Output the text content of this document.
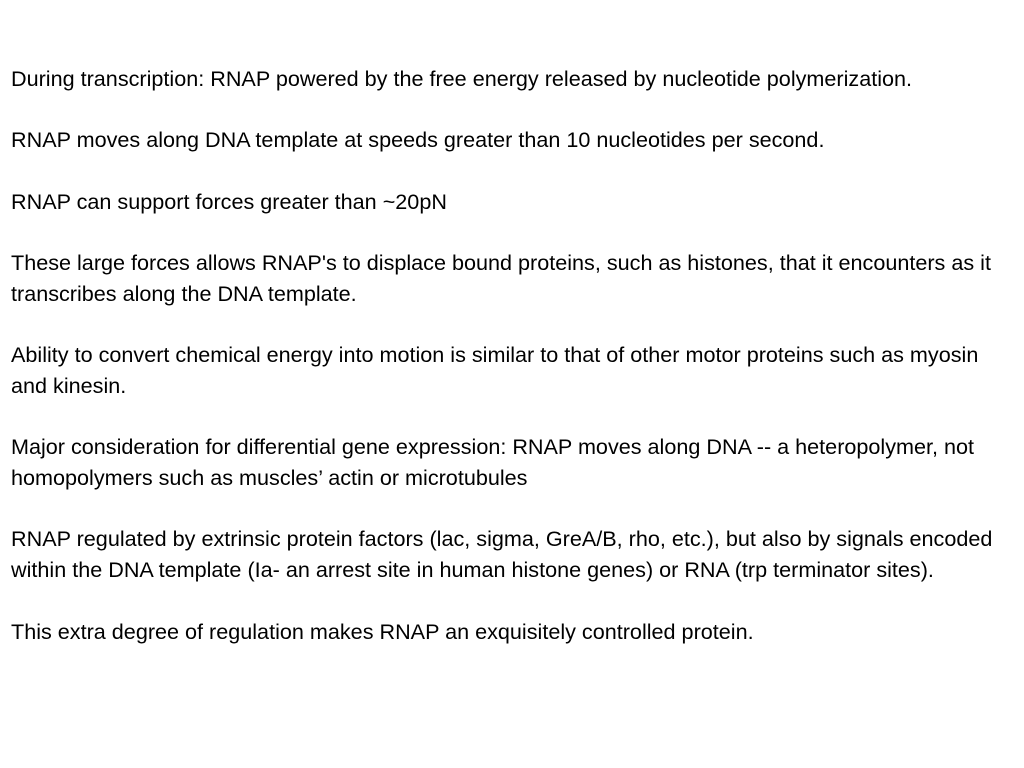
During transcription: RNAP powered by the free energy released by nucleotide polymerization.

RNAP moves along DNA template at speeds greater than 10 nucleotides per second.

RNAP can support forces greater than ~20pN

These large forces allows RNAP's to displace bound proteins, such as histones, that it encounters as it transcribes along the DNA template.

Ability to convert chemical energy into motion is similar to that of other motor proteins such as myosin and kinesin.

Major consideration for differential gene expression: RNAP moves along DNA -- a heteropolymer, not homopolymers such as muscles’ actin or microtubules

RNAP regulated by extrinsic protein factors (lac, sigma, GreA/B, rho, etc.), but also by signals encoded within the DNA template (Ia- an arrest site in human histone genes) or RNA (trp terminator sites).

This extra degree of regulation makes RNAP an exquisitely controlled protein.
